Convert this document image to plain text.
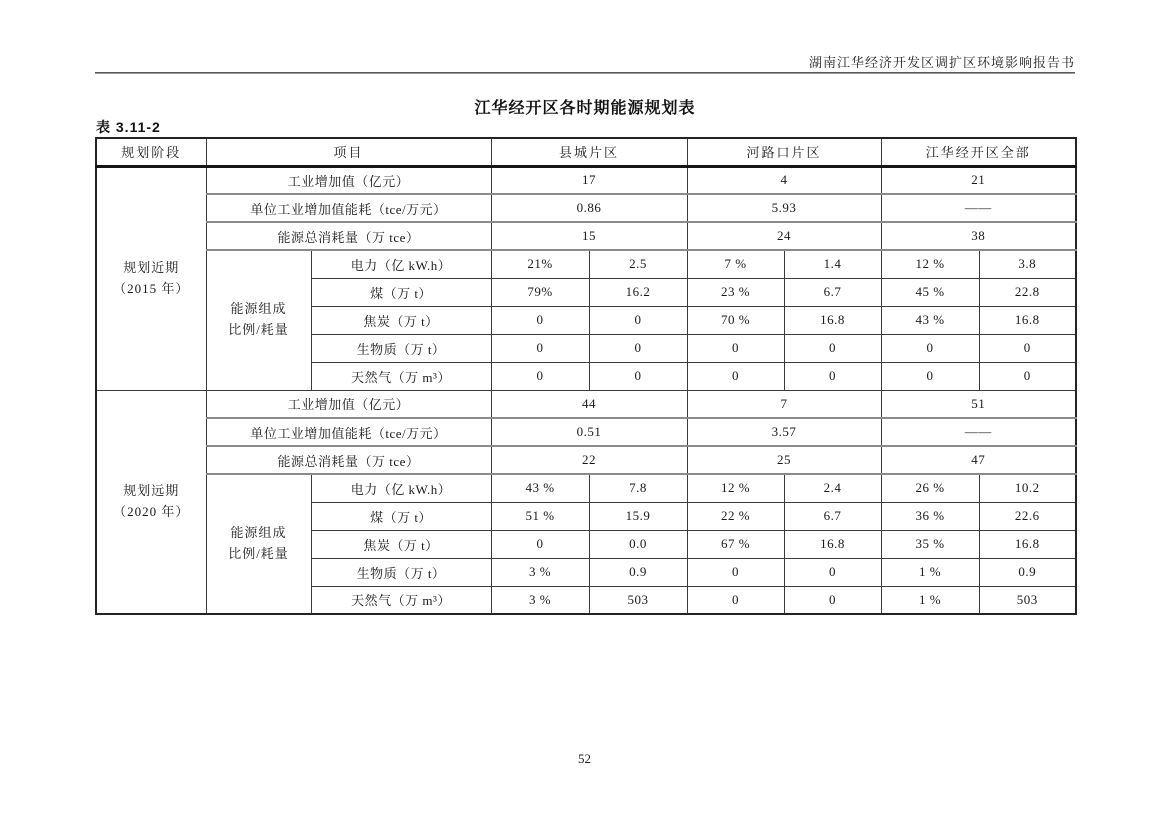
湖南江华经济开发区调扩区环境影响报告书
江华经开区各时期能源规划表
表 3.11-2
规划阶段	项目		县城片区		河路口片区		江华经开区全部	

规划近期
（2015 年）	工业增加值（亿元）		17		4		21	
	单位工业增加值能耗（tce/万元）		0.86		5.93		——	
	能源总消耗量（万 tce）		15		24		38	

	能源组成
比例/耗量	电力（亿 kW.h）	21%	2.5	7 %	1.4	12 %	3.8
		煤（万 t）	79%	16.2	23 %	6.7	45 %	22.8
		焦炭（万 t）	0	0	70 %	16.8	43 %	16.8
		生物质（万 t）	0	0	0	0	0	0
		天然气（万 m³）	0	0	0	0	0	0

规划远期
（2020 年）	工业增加值（亿元）		44		7		51	
	单位工业增加值能耗（tce/万元）		0.51		3.57		——	
	能源总消耗量（万 tce）		22		25		47	

	能源组成
比例/耗量	电力（亿 kW.h）	43 %	7.8	12 %	2.4	26 %	10.2
		煤（万 t）	51 %	15.9	22 %	6.7	36 %	22.6
		焦炭（万 t）	0	0.0	67 %	16.8	35 %	16.8
		生物质（万 t）	3 %	0.9	0	0	1 %	0.9
		天然气（万 m³）	3 %	503	0	0	1 %	503
52
